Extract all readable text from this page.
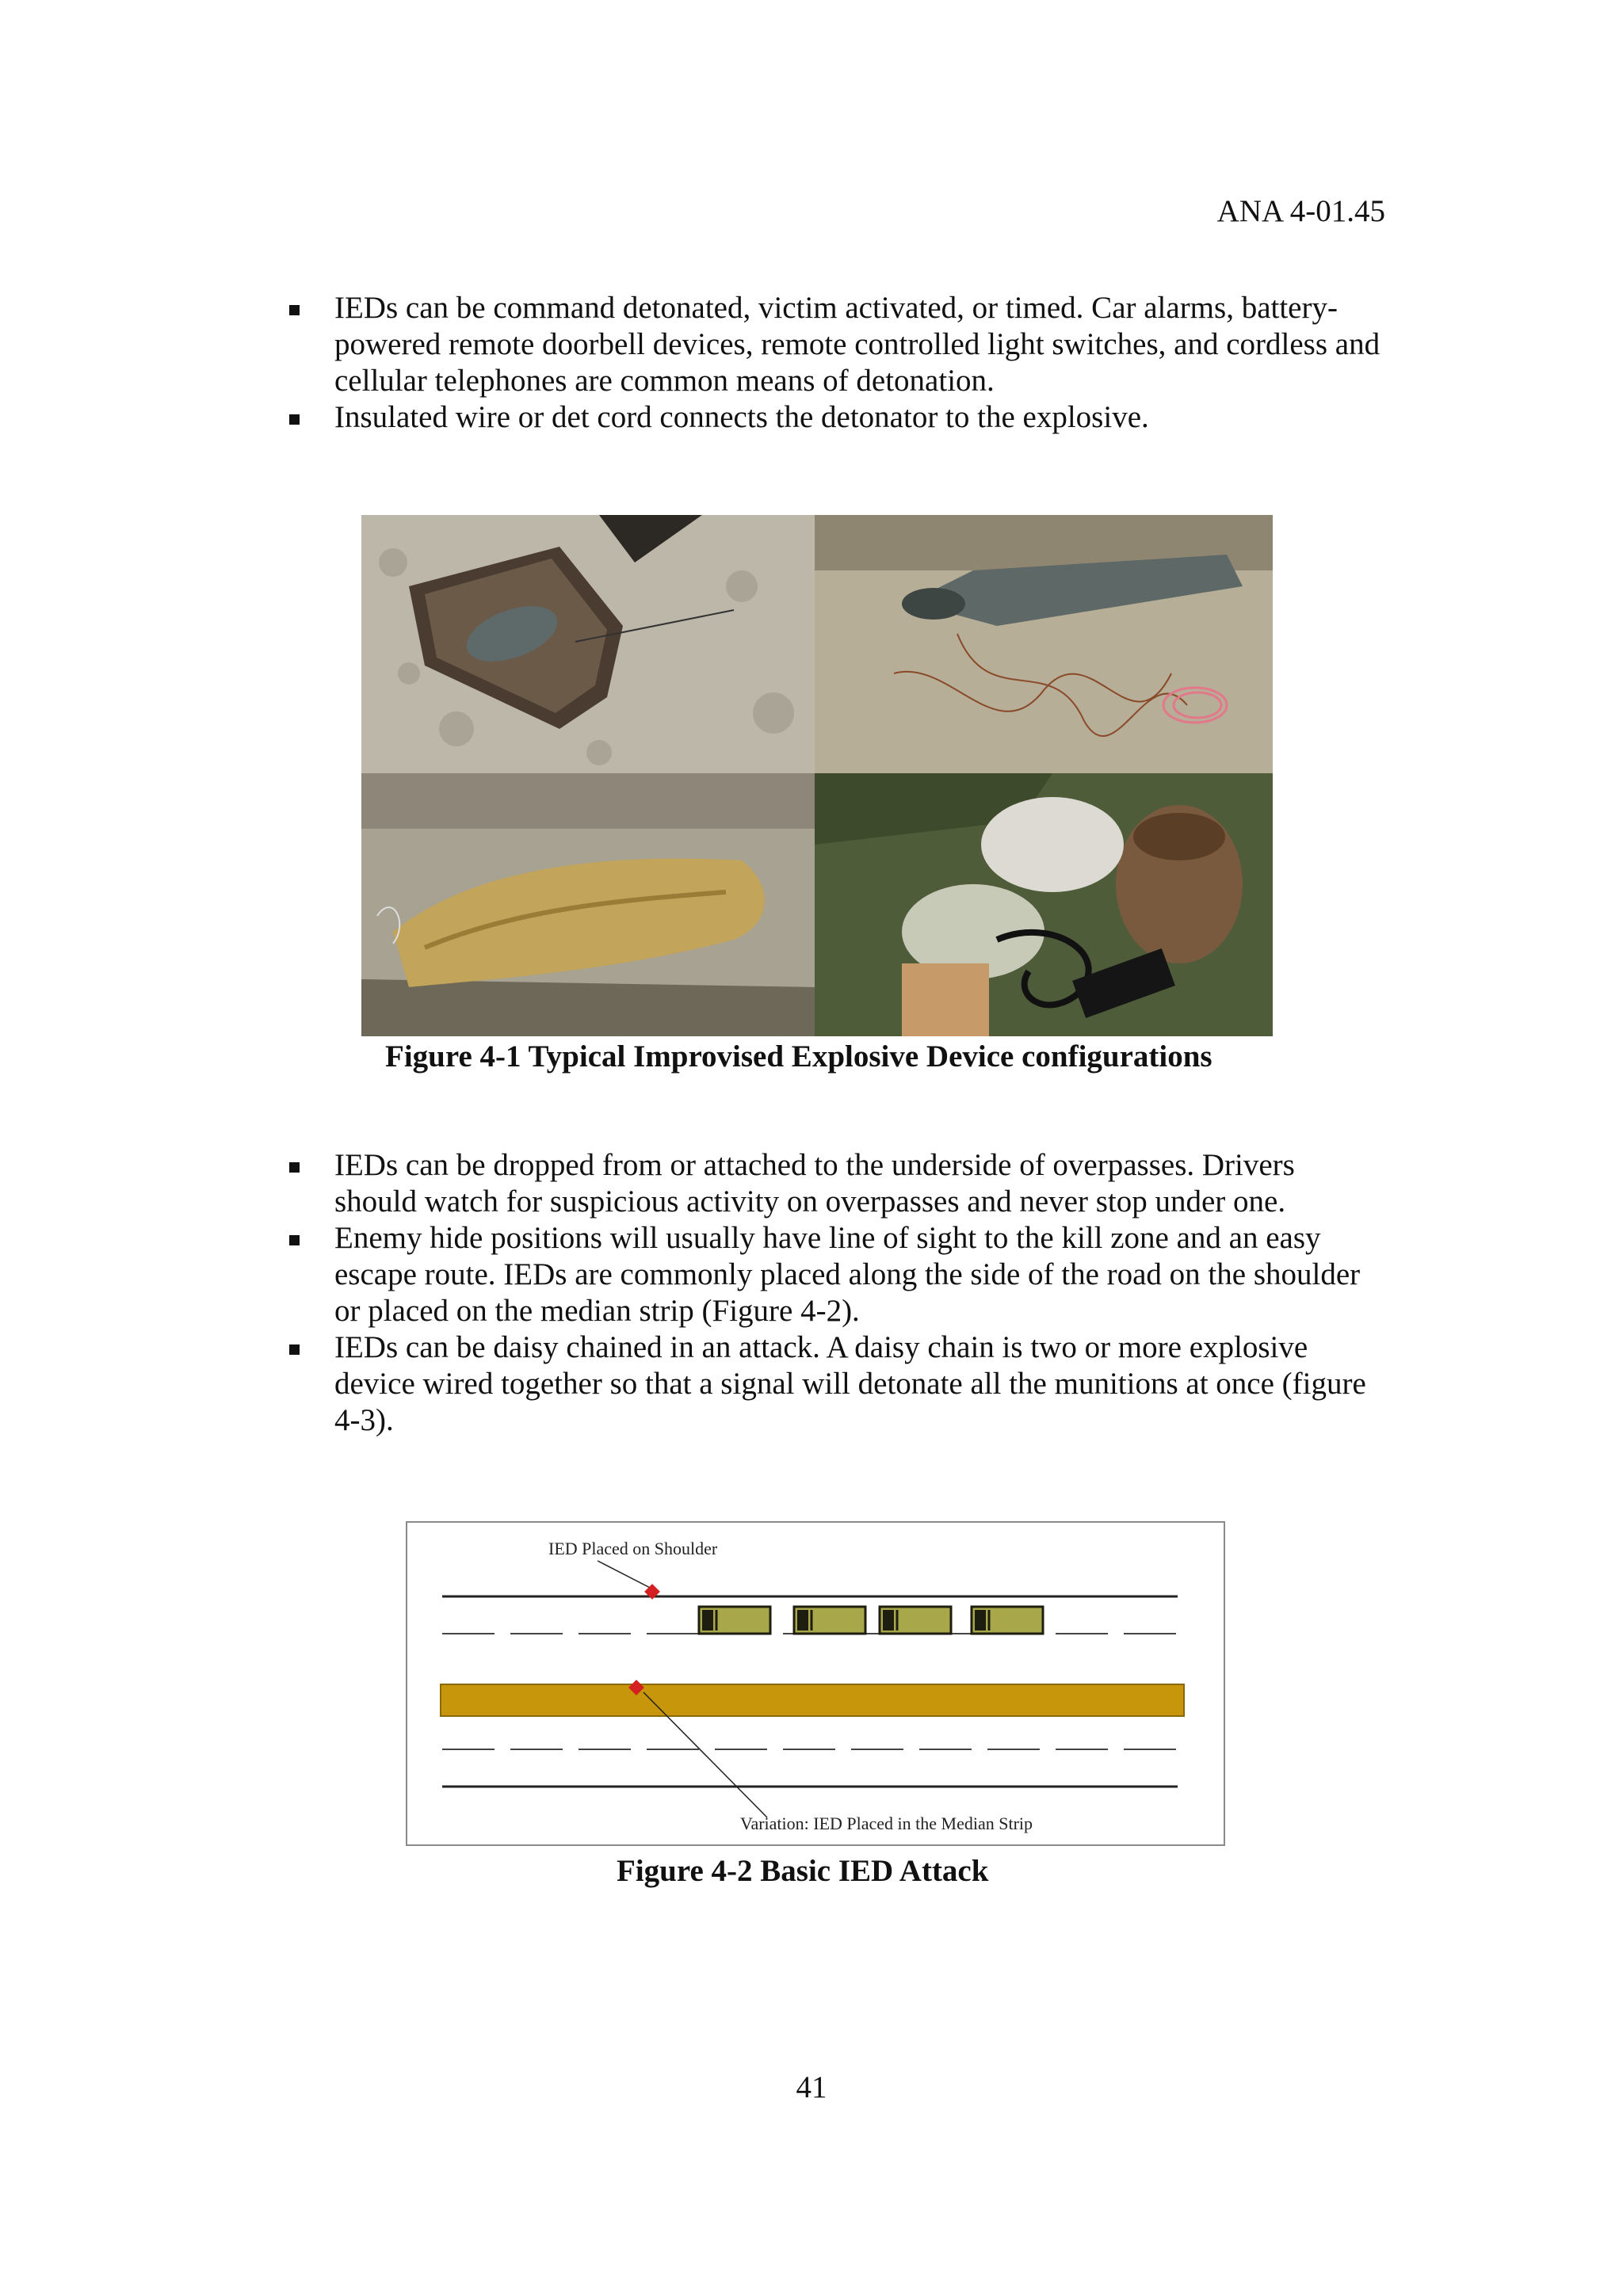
ANA 4-01.45
IEDs can be command detonated, victim activated, or timed. Car alarms, battery-powered remote doorbell devices, remote controlled light switches, and cordless and cellular telephones are common means of detonation.
Insulated wire or det cord connects the detonator to the explosive.
Figure 4-1 Typical Improvised Explosive Device configurations
IEDs can be dropped from or attached to the underside of overpasses. Drivers should watch for suspicious activity on overpasses and never stop under one.
Enemy hide positions will usually have line of sight to the kill zone and an easy escape route. IEDs are commonly placed along the side of the road on the shoulder or placed on the median strip (Figure 4-2).
IEDs can be daisy chained in an attack. A daisy chain is two or more explosive device wired together so that a signal will detonate all the munitions at once (figure 4-3).
IED Placed on Shoulder
Variation: IED Placed in the Median Strip
Figure 4-2 Basic IED Attack
41
